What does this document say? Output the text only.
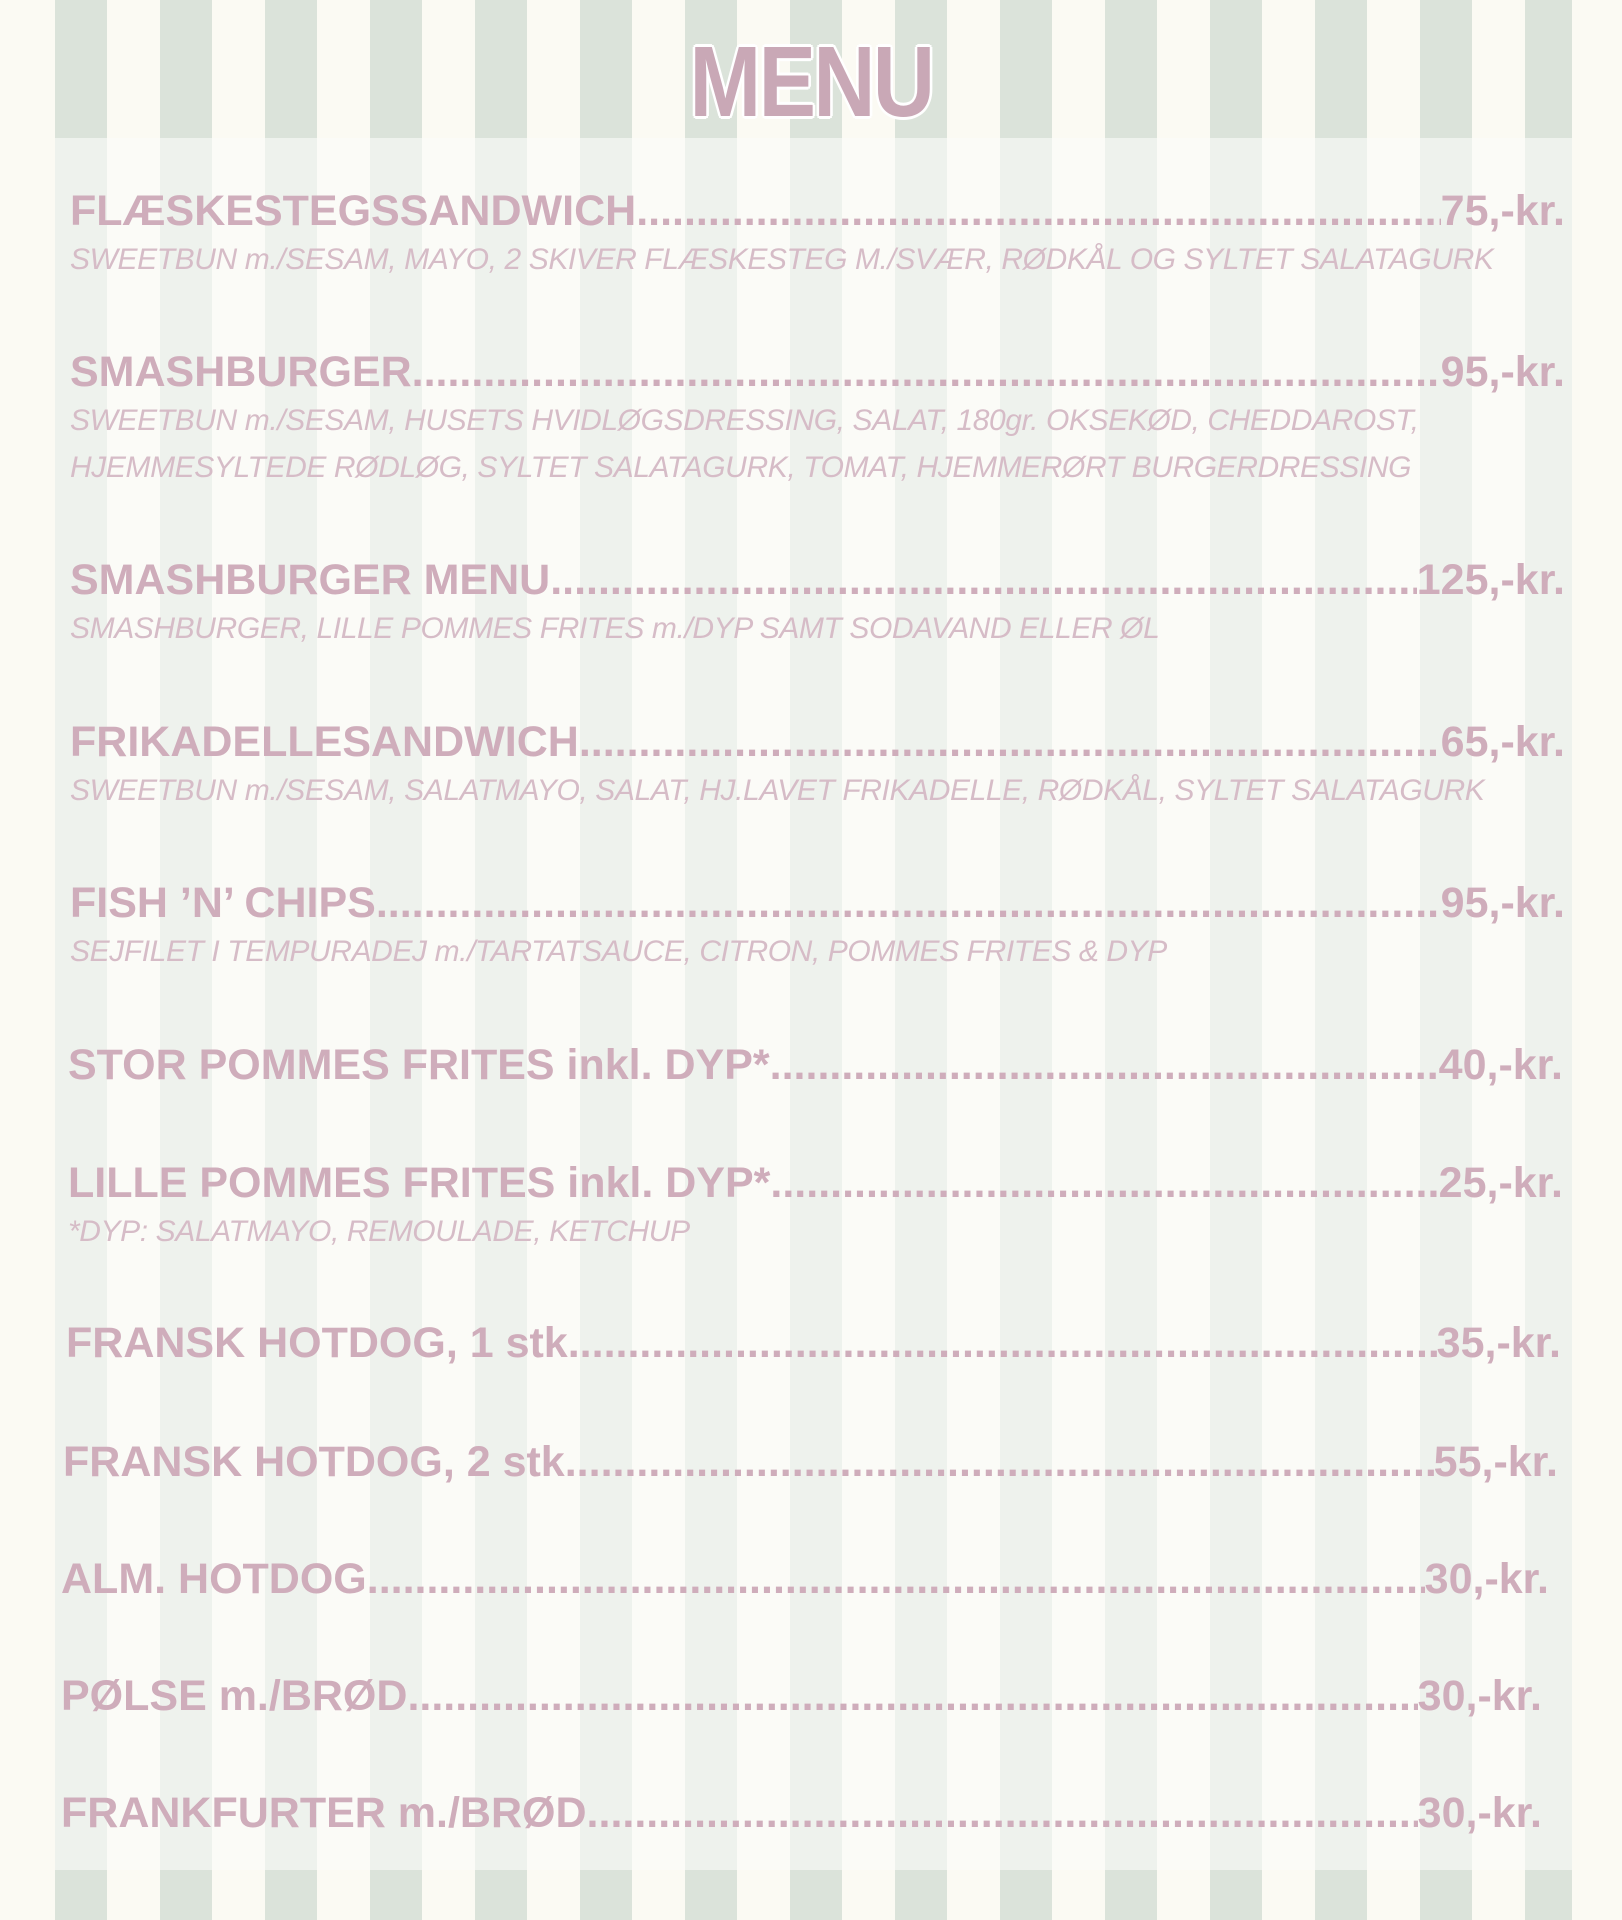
MENU
FLÆSKESTEGSSANDWICH .....	75,-kr.
SWEETBUN m./SESAM, MAYO, 2 SKIVER FLÆSKESTEG M./SVÆR, RØDKÅL OG SYLTET SALATAGURK
SMASHBURGER .....	95,-kr.
SWEETBUN m./SESAM, HUSETS HVIDLØGSDRESSING, SALAT, 180gr. OKSEKØD, CHEDDAROST,
HJEMMESYLTEDE RØDLØG, SYLTET SALATAGURK, TOMAT, HJEMMERØRT BURGERDRESSING
SMASHBURGER MENU .....	125,-kr.
SMASHBURGER, LILLE POMMES FRITES m./DYP SAMT SODAVAND ELLER ØL
FRIKADELLESANDWICH .....	65,-kr.
SWEETBUN m./SESAM, SALATMAYO, SALAT, HJ.LAVET FRIKADELLE, RØDKÅL, SYLTET SALATAGURK
FISH ’N’ CHIPS .....	95,-kr.
SEJFILET I TEMPURADEJ m./TARTATSAUCE, CITRON, POMMES FRITES & DYP
STOR POMMES FRITES inkl. DYP* .....	40,-kr.
LILLE POMMES FRITES inkl. DYP* .....	25,-kr.
*DYP: SALATMAYO, REMOULADE, KETCHUP
FRANSK HOTDOG, 1 stk .....	35,-kr.
FRANSK HOTDOG, 2 stk .....	55,-kr.
ALM. HOTDOG .....	30,-kr.
PØLSE m./BRØD .....	30,-kr.
FRANKFURTER m./BRØD .....	30,-kr.
